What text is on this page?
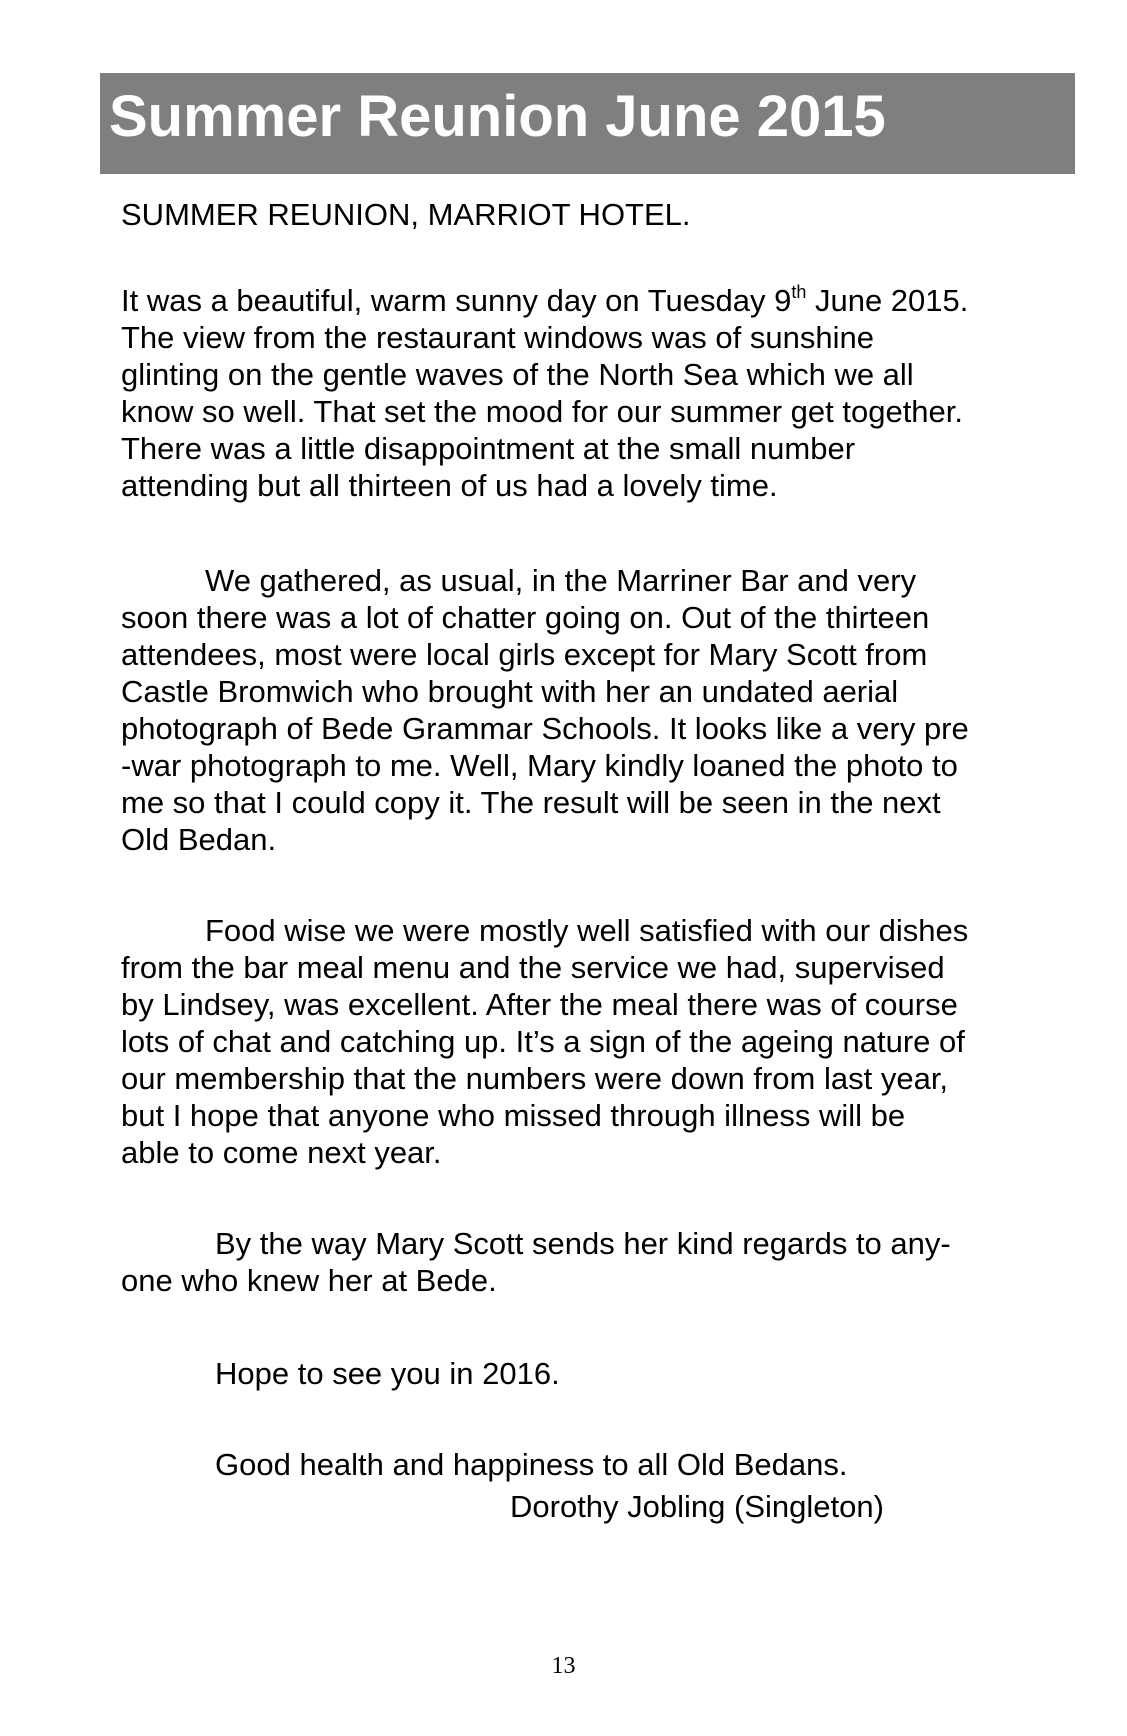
Summer Reunion June 2015

SUMMER REUNION, MARRIOT HOTEL.

It was a beautiful, warm sunny day on Tuesday 9th June 2015.
The view from the restaurant windows was of sunshine
glinting on the gentle waves of the North Sea which we all
know so well. That set the mood for our summer get together.
There was a little disappointment at the small number
attending but all thirteen of us had a lovely time.
We gathered, as usual, in the Marriner Bar and very
soon there was a lot of chatter going on. Out of the thirteen
attendees, most were local girls except for Mary Scott from
Castle Bromwich who brought with her an undated aerial
photograph of Bede Grammar Schools. It looks like a very pre
-war photograph to me. Well, Mary kindly loaned the photo to
me so that I could copy it. The result will be seen in the next
Old Bedan.
Food wise we were mostly well satisfied with our dishes
from the bar meal menu and the service we had, supervised
by Lindsey, was excellent. After the meal there was of course
lots of chat and catching up. It’s a sign of the ageing nature of
our membership that the numbers were down from last year,
but I hope that anyone who missed through illness will be
able to come next year.
By the way Mary Scott sends her kind regards to any-
one who knew her at Bede.

Hope to see you in 2016.

Good health and happiness to all Old Bedans.

Dorothy Jobling (Singleton)

13
